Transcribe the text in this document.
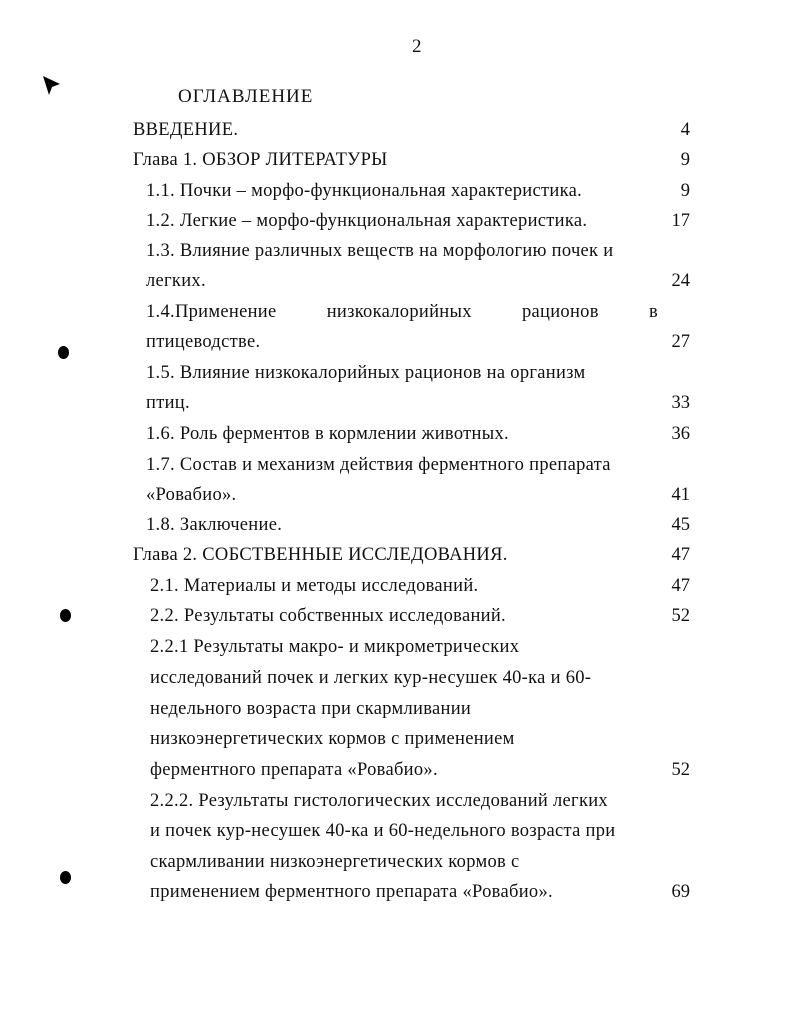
2
ОГЛАВЛЕНИЕ
ВВЕДЕНИЕ.	4
Глава 1. ОБЗОР ЛИТЕРАТУРЫ	9
1.1. Почки – морфо-функциональная характеристика.	9
1.2. Легкие – морфо-функциональная характеристика.	17
1.3. Влияние различных веществ на морфологию почек и
легких.	24
1.4.Применение	низкокалорийных	рационов	в
птицеводстве.	27
1.5. Влияние низкокалорийных рационов на организм
птиц.	33
1.6. Роль ферментов в кормлении животных.	36
1.7. Состав и механизм действия ферментного препарата
«Ровабио».	41
1.8. Заключение.	45
Глава 2. СОБСТВЕННЫЕ ИССЛЕДОВАНИЯ.	47
2.1. Материалы и методы исследований.	47
2.2. Результаты собственных исследований.	52
2.2.1 Результаты макро- и микрометрических
исследований почек и легких кур-несушек 40-ка и 60-
недельного возраста при скармливании
низкоэнергетических кормов с применением
ферментного препарата «Ровабио».	52
2.2.2. Результаты гистологических исследований легких
и почек кур-несушек 40-ка и 60-недельного возраста при
скармливании низкоэнергетических кормов с
применением ферментного препарата «Ровабио».	69
